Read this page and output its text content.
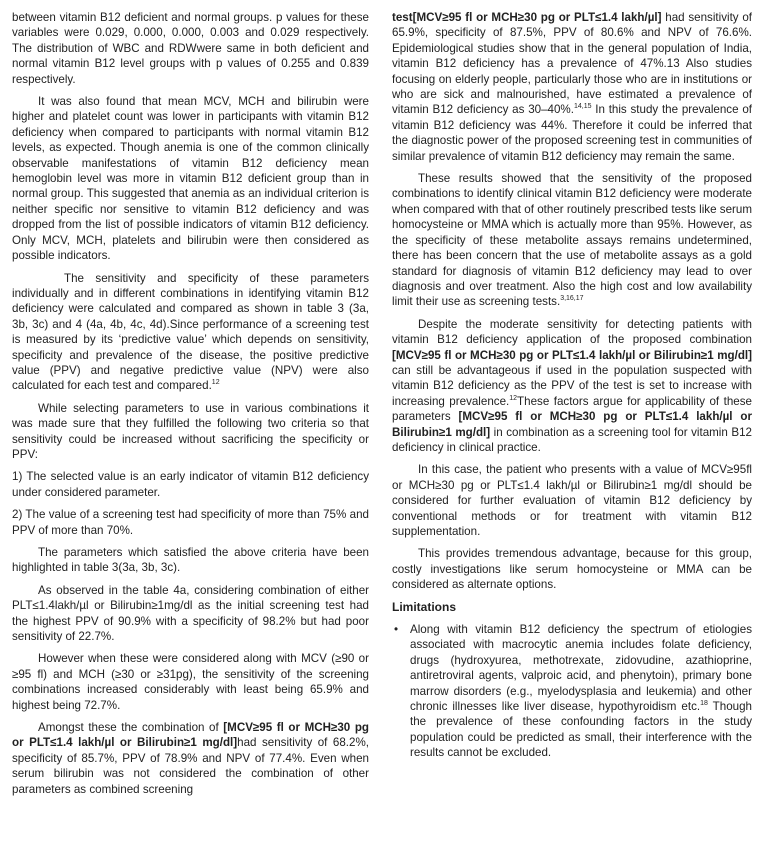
between vitamin B12 deficient and normal groups. p values for these variables were 0.029, 0.000, 0.000, 0.003 and 0.029 respectively. The distribution of WBC and RDWwere same in both deficient and normal vitamin B12 level groups with p values of 0.255 and 0.839 respectively.

It was also found that mean MCV, MCH and bilirubin were higher and platelet count was lower in participants with vitamin B12 deficiency when compared to participants with normal vitamin B12 levels, as expected. Though anemia is one of the common clinically observable manifestations of vitamin B12 deficiency mean hemoglobin level was more in vitamin B12 deficient group than in normal group. This suggested that anemia as an individual criterion is neither specific nor sensitive to vitamin B12 deficiency and was dropped from the list of possible indicators of vitamin B12 deficiency. Only MCV, MCH, platelets and bilirubin were then considered as possible indicators.

The sensitivity and specificity of these parameters individually and in different combinations in identifying vitamin B12 deficiency were calculated and compared as shown in table 3 (3a, 3b, 3c) and 4 (4a, 4b, 4c, 4d).Since performance of a screening test is measured by its ‘predictive value’ which depends on sensitivity, specificity and prevalence of the disease, the positive predictive value (PPV) and negative predictive value (NPV) were also calculated for each test and compared.$^{12}$

While selecting parameters to use in various combinations it was made sure that they fulfilled the following two criteria so that sensitivity could be increased without sacrificing the specificity or PPV:

1) The selected value is an early indicator of vitamin B12 deficiency under considered parameter.

2) The value of a screening test had specificity of more than 75% and PPV of more than 70%.

The parameters which satisfied the above criteria have been highlighted in table 3(3a, 3b, 3c).

As observed in the table 4a, considering combination of either PLT≤1.4lakh/µl or Bilirubin≥1mg/dl as the initial screening test had the highest PPV of 90.9% with a specificity of 98.2% but had poor sensitivity of 22.7%.

However when these were considered along with MCV (≥90 or ≥95 fl) and MCH (≥30 or ≥31pg), the sensitivity of the screening combinations increased considerably with least being 65.9% and highest being 72.7%.

Amongst these the combination of [MCV≥95 fl or MCH≥30 pg or PLT≤1.4 lakh/µl or Bilirubin≥1 mg/dl]had sensitivity of 68.2%, specificity of 85.7%, PPV of 78.9% and NPV of 77.4%. Even when serum bilirubin was not considered the combination of other parameters as combined screening

test[MCV≥95 fl or MCH≥30 pg or PLT≤1.4 lakh/µl] had sensitivity of 65.9%, specificity of 87.5%, PPV of 80.6% and NPV of 76.6%. Epidemiological studies show that in the general population of India, vitamin B12 deficiency has a prevalence of 47%.13 Also studies focusing on elderly people, particularly those who are in institutions or who are sick and malnourished, have estimated a prevalence of vitamin B12 deficiency as 30–40%.$^{14,15}$ In this study the prevalence of vitamin B12 deficiency was 44%. Therefore it could be inferred that the diagnostic power of the proposed screening test in communities of similar prevalence of vitamin B12 deficiency may remain the same.

These results showed that the sensitivity of the proposed combinations to identify clinical vitamin B12 deficiency were moderate when compared with that of other routinely prescribed tests like serum homocysteine or MMA which is actually more than 95%. However, as the specificity of these metabolite assays remains undetermined, there has been concern that the use of metabolite assays as a gold standard for diagnosis of vitamin B12 deficiency may lead to over diagnosis and over treatment. Also the high cost and low availability limit their use as screening tests.$^{3,16,17}$

Despite the moderate sensitivity for detecting patients with vitamin B12 deficiency application of the proposed combination [MCV≥95 fl or MCH≥30 pg or PLT≤1.4 lakh/µl or Bilirubin≥1 mg/dl] can still be advantageous if used in the population suspected with vitamin B12 deficiency as the PPV of the test is set to increase with increasing prevalence.$^{12}$These factors argue for applicability of these parameters [MCV≥95 fl or MCH≥30 pg or PLT≤1.4 lakh/µl or Bilirubin≥1 mg/dl] in combination as a screening tool for vitamin B12 deficiency in clinical practice.

In this case, the patient who presents with a value of MCV≥95fl or MCH≥30 pg or PLT≤1.4 lakh/µl or Bilirubin≥1 mg/dl should be considered for further evaluation of vitamin B12 deficiency by conventional methods or for treatment with vitamin B12 supplementation.

This provides tremendous advantage, because for this group, costly investigations like serum homocysteine or MMA can be considered as alternate options.

Limitations
• Along with vitamin B12 deficiency the spectrum of etiologies associated with macrocytic anemia includes folate deficiency, drugs (hydroxyurea, methotrexate, zidovudine, azathioprine, antiretroviral agents, valproic acid, and phenytoin), primary bone marrow disorders (e.g., myelodysplasia and leukemia) and other chronic illnesses like liver disease, hypothyroidism etc.$^{18}$ Though the prevalence of these confounding factors in the study population could be predicted as small, their interference with the results cannot be excluded.
